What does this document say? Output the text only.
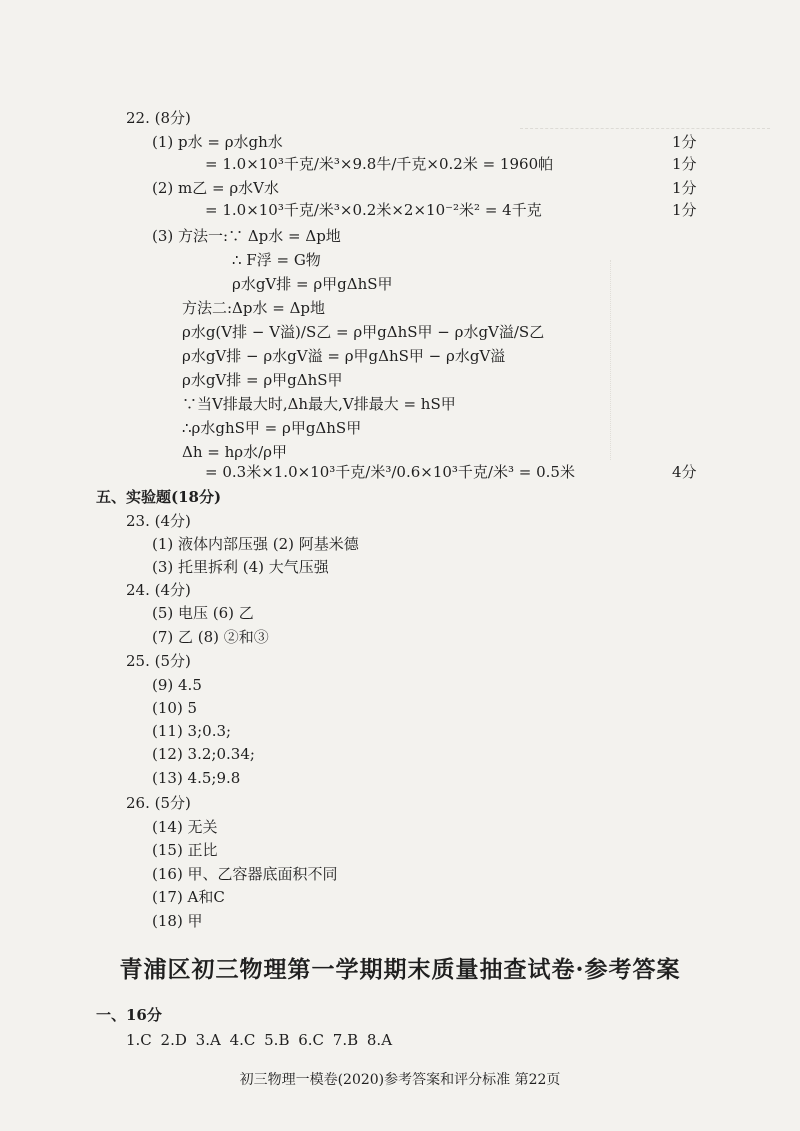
22. (8分)
(1) p水 = ρ水gh水	1分
= 1.0×10³千克/米³×9.8牛/千克×0.2米 = 1960帕	1分
(2) m乙 = ρ水V水	1分
= 1.0×10³千克/米³×0.2米×2×10⁻²米² = 4千克	1分
(3) 方法一:∵ Δp水 = Δp地
∴ F浮 = G物
ρ水gV排 = ρ甲gΔhS甲
方法二:Δp水 = Δp地
ρ水g(V排 − V溢)/S乙 = ρ甲gΔhS甲 − ρ水gV溢/S乙
ρ水gV排 − ρ水gV溢 = ρ甲gΔhS甲 − ρ水gV溢
ρ水gV排 = ρ甲gΔhS甲
∵当V排最大时,Δh最大,V排最大 = hS甲
∴ρ水ghS甲 = ρ甲gΔhS甲
Δh = hρ水/ρ甲
= 0.3米×1.0×10³千克/米³/0.6×10³千克/米³ = 0.5米	4分
五、实验题(18分)
23. (4分)
(1) 液体内部压强 (2) 阿基米德
(3) 托里拆利 (4) 大气压强
24. (4分)
(5) 电压 (6) 乙
(7) 乙 (8) ②和③
25. (5分)
(9) 4.5
(10) 5
(11) 3;0.3;
(12) 3.2;0.34;
(13) 4.5;9.8
26. (5分)
(14) 无关
(15) 正比
(16) 甲、乙容器底面积不同
(17) A和C
(18) 甲
青浦区初三物理第一学期期末质量抽查试卷·参考答案
一、16分
1.C 2.D 3.A 4.C 5.B 6.C 7.B 8.A
初三物理一模卷(2020)参考答案和评分标准 第22页
